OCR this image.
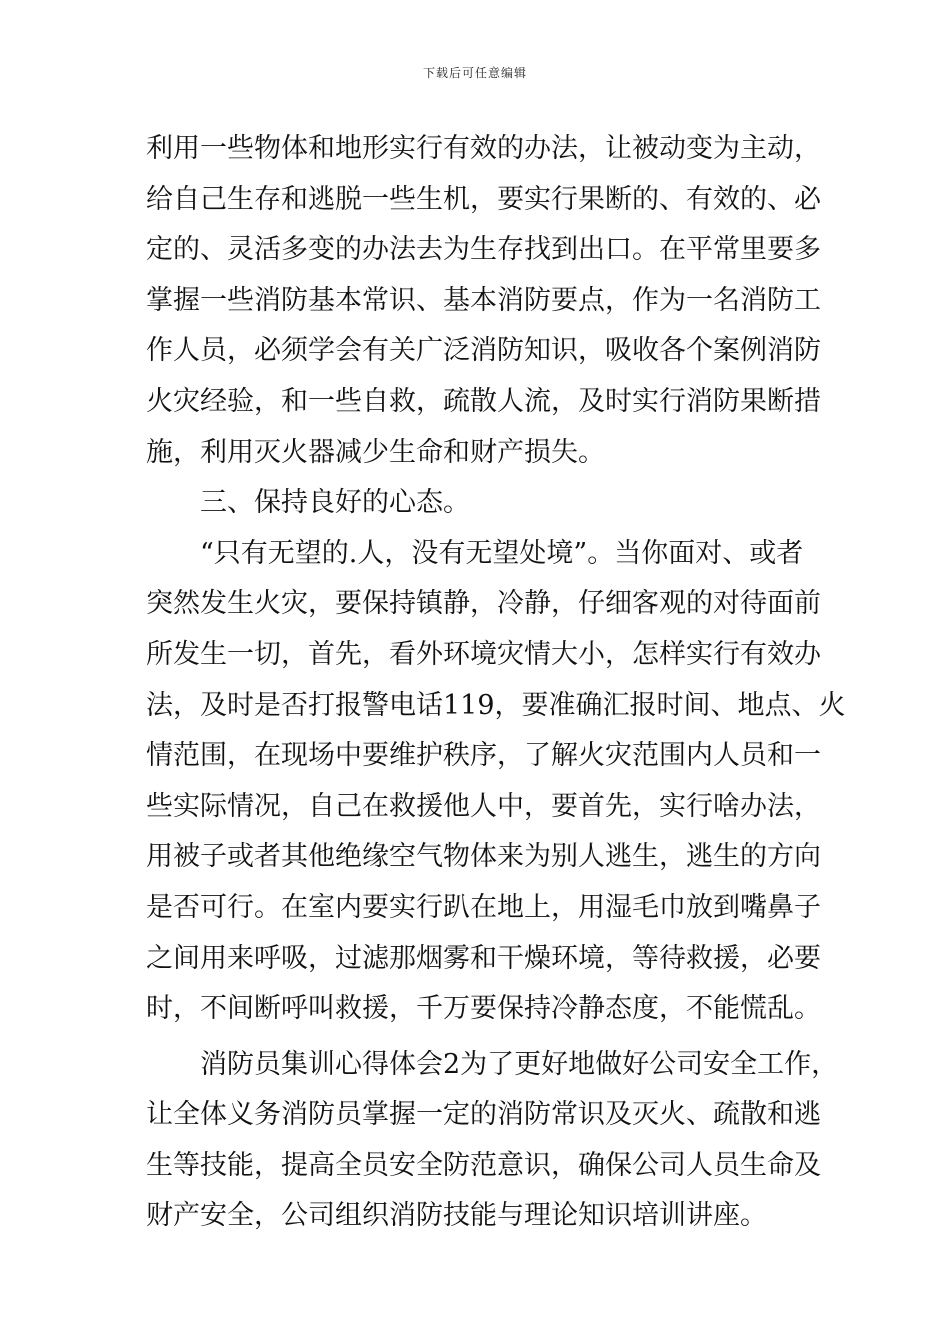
下载后可任意编辑
利用一些物体和地形实行有效的办法，让被动变为主动，
给自己生存和逃脱一些生机，要实行果断的、有效的、必
定的、灵活多变的办法去为生存找到出口。在平常里要多
掌握一些消防基本常识、基本消防要点，作为一名消防工
作人员，必须学会有关广泛消防知识，吸收各个案例消防
火灾经验，和一些自救，疏散人流，及时实行消防果断措
施，利用灭火器减少生命和财产损失。
三、保持良好的心态。
“只有无望的.人，没有无望处境”。当你面对、或者
突然发生火灾，要保持镇静，冷静，仔细客观的对待面前
所发生一切，首先，看外环境灾情大小，怎样实行有效办
法，及时是否打报警电话119，要准确汇报时间、地点、火
情范围，在现场中要维护秩序，了解火灾范围内人员和一
些实际情况，自己在救援他人中，要首先，实行啥办法，
用被子或者其他绝缘空气物体来为别人逃生，逃生的方向
是否可行。在室内要实行趴在地上，用湿毛巾放到嘴鼻子
之间用来呼吸，过滤那烟雾和干燥环境，等待救援，必要
时，不间断呼叫救援，千万要保持冷静态度，不能慌乱。
消防员集训心得体会2为了更好地做好公司安全工作，
让全体义务消防员掌握一定的消防常识及灭火、疏散和逃
生等技能，提高全员安全防范意识，确保公司人员生命及
财产安全，公司组织消防技能与理论知识培训讲座。
